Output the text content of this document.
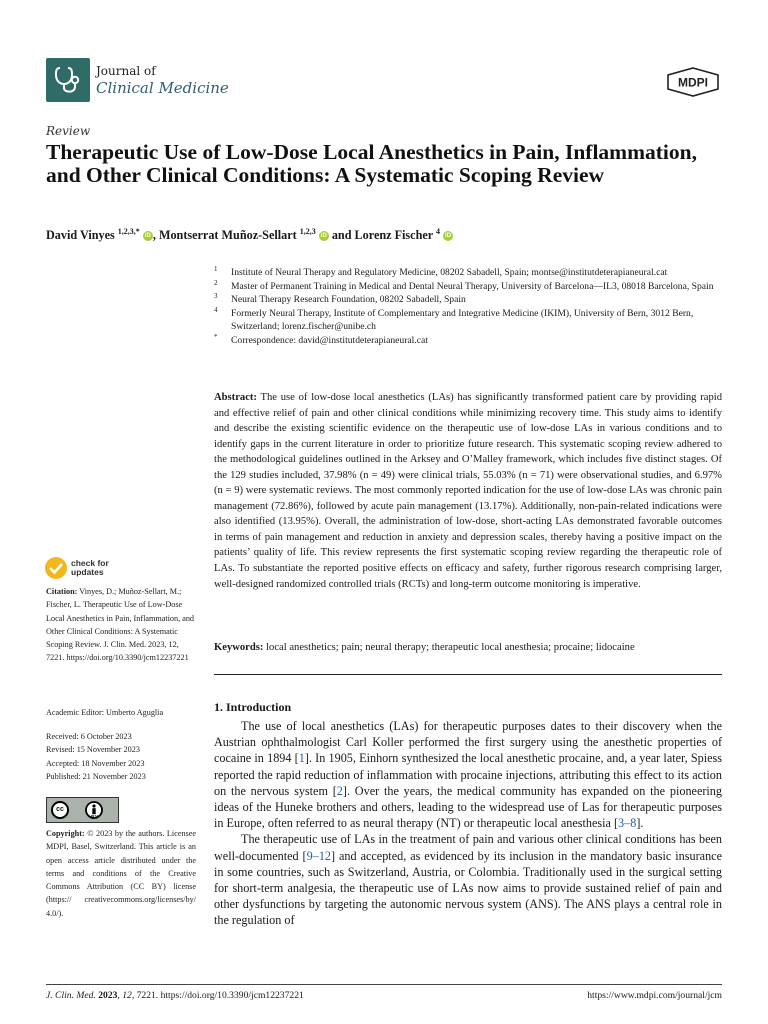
Journal of
Clinical Medicine	MDPI
Review
Therapeutic Use of Low-Dose Local Anesthetics in Pain, Inflammation, and Other Clinical Conditions: A Systematic Scoping Review
David Vinyes $^{1,2,3,*}$ iD , Montserrat Muñoz-Sellart $^{1,2,3}$ iD and Lorenz Fischer $^4$ iD
1 Institute of Neural Therapy and Regulatory Medicine, 08202 Sabadell, Spain; montse@institutdeterapianeural.cat
2 Master of Permanent Training in Medical and Dental Neural Therapy, University of Barcelona—IL3, 08018 Barcelona, Spain
3 Neural Therapy Research Foundation, 08202 Sabadell, Spain
4 Formerly Neural Therapy, Institute of Complementary and Integrative Medicine (IKIM), University of Bern, 3012 Bern, Switzerland; lorenz.fischer@unibe.ch
* Correspondence: david@institutdeterapianeural.cat
Abstract: The use of low-dose local anesthetics (LAs) has significantly transformed patient care by providing rapid and effective relief of pain and other clinical conditions while minimizing recovery time. This study aims to identify and describe the existing scientific evidence on the therapeutic use of low-dose LAs in various conditions and to identify gaps in the current literature in order to prioritize future research. This systematic scoping review adhered to the methodological guidelines outlined in the Arksey and O’Malley framework, which includes five distinct stages. Of the 129 studies included, 37.98% (n = 49) were clinical trials, 55.03% (n = 71) were observational studies, and 6.97% (n = 9) were systematic reviews. The most commonly reported indication for the use of low-dose LAs was chronic pain management (72.86%), followed by acute pain management (13.17%). Additionally, non-pain-related indications were also identified (13.95%). Overall, the administration of low-dose, short-acting LAs demonstrated favorable outcomes in terms of pain management and reduction in anxiety and depression scales, thereby having a positive impact on the patients’ quality of life. This review represents the first systematic scoping review regarding the therapeutic role of LAs. To substantiate the reported positive effects on efficacy and safety, further rigorous research comprising larger, well-designed randomized controlled trials (RCTs) and long-term outcome monitoring is imperative.
Keywords: local anesthetics; pain; neural therapy; therapeutic local anesthesia; procaine; lidocaine
check for
updates
Citation: Vinyes, D.; Muñoz-Sellart, M.; Fischer, L. Therapeutic Use of Low-Dose Local Anesthetics in Pain, Inflammation, and Other Clinical Conditions: A Systematic Scoping Review. J. Clin. Med. 2023, 12, 7221. https://doi.org/10.3390/jcm12237221
Academic Editor: Umberto Aguglia
Received: 6 October 2023
Revised: 15 November 2023
Accepted: 18 November 2023
Published: 21 November 2023
cc
BY
Copyright: © 2023 by the authors. Licensee MDPI, Basel, Switzerland. This article is an open access article distributed under the terms and conditions of the Creative Commons Attribution (CC BY) license (https:// creativecommons.org/licenses/by/ 4.0/).
1. Introduction

The use of local anesthetics (LAs) for therapeutic purposes dates to their discovery when the Austrian ophthalmologist Carl Koller performed the first surgery using the anesthetic properties of cocaine in 1894 [1]. In 1905, Einhorn synthesized the local anesthetic procaine, and, a year later, Spiess reported the rapid reduction of inflammation with procaine injections, attributing this effect to its action on the nervous system [2]. Over the years, the medical community has expanded on the pioneering ideas of the Huneke brothers and others, leading to the widespread use of Las for therapeutic purposes in Europe, often referred to as neural therapy (NT) or therapeutic local anesthesia [3–8].

The therapeutic use of LAs in the treatment of pain and various other clinical conditions has been well-documented [9–12] and accepted, as evidenced by its inclusion in the mandatory basic insurance in some countries, such as Switzerland, Austria, or Colombia. Traditionally used in the surgical setting for short-term analgesia, the therapeutic use of LAs now aims to provide sustained relief of pain and other dysfunctions by targeting the autonomic nervous system (ANS). The ANS plays a central role in the regulation of

J. Clin. Med. 2023, 12, 7221. https://doi.org/10.3390/jcm12237221	https://www.mdpi.com/journal/jcm
